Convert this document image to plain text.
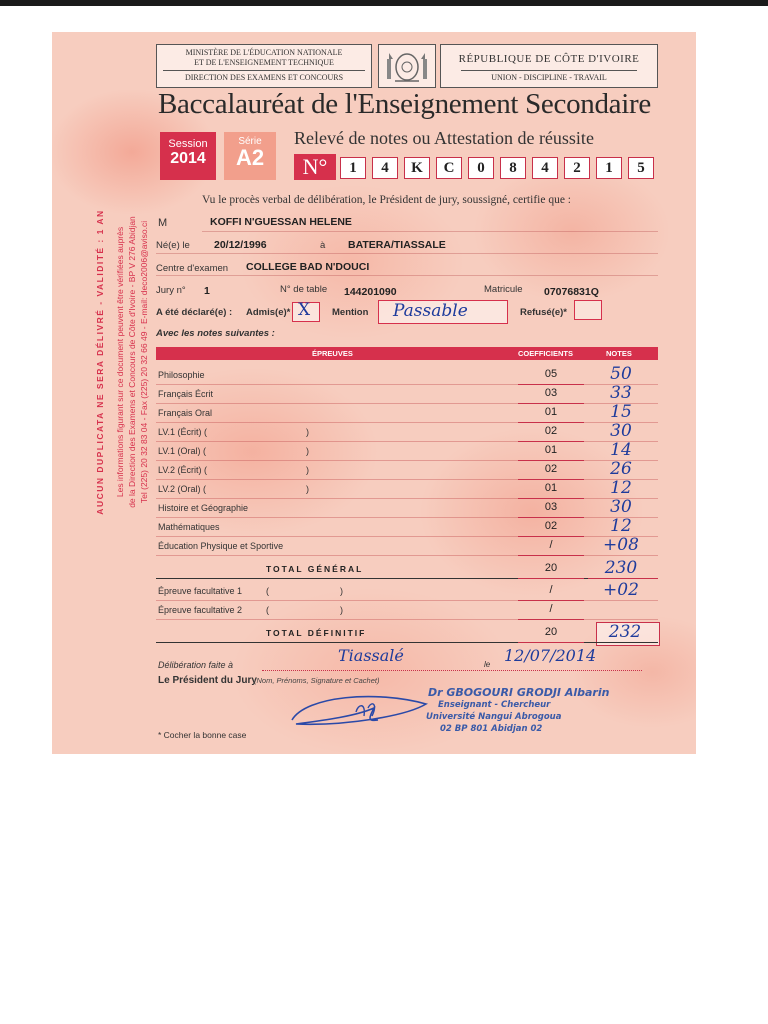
MINISTÈRE DE L'ÉDUCATION NATIONALE
ET DE L'ENSEIGNEMENT TECHNIQUE
DIRECTION DES EXAMENS ET CONCOURS
RÉPUBLIQUE DE CÔTE D'IVOIRE
UNION - DISCIPLINE - TRAVAIL
Baccalauréat de l'Enseignement Secondaire
Session
2014
Série
A2
Relevé de notes ou Attestation de réussite
N°	1	4	K	C	0	8	4	2	1	5
AUCUN DUPLICATA NE SERA DÉLIVRÉ - VALIDITÉ : 1 AN Les informations figurant sur ce document peuvent être vérifiées auprès de la Direction des Examens et Concours de Côte d'Ivoire - BP V 276 Abidjan Tel (225) 20 32 83 04 - Fax (225) 20 32 66 49 - E-mail: deco2006@aviso.ci
Vu le procès verbal de délibération, le Président de jury, soussigné, certifie que :
M	KOFFI N'GUESSAN HELENE
Né(e) le 20/12/1996	à BATERA/TIASSALE
Centre d'examen COLLEGE BAD N'DOUCI
Jury n° 1	N° de table 144201090	Matricule 07076831Q
A été déclaré(e) : Admis(e)* X Mention Passable	Refusé(e)*
Avec les notes suivantes :
ÉPREUVES	COEFFICIENTS	NOTES
Philosophie	05	50
Français Écrit	03	33
Français Oral	01	15
LV.1 (Écrit) (	)	02	30
LV.1 (Oral) (	)	01	14
LV.2 (Écrit) (	)	02	26
LV.2 (Oral) (	)	01	12
Histoire et Géographie	03	30
Mathématiques	02	12
Éducation Physique et Sportive	/	+08
TOTAL GÉNÉRAL	20	230
Épreuve facultative 1	(	)	/	+02
Épreuve facultative 2	(	)	/
TOTAL DÉFINITIF	20	232
Délibération faite à	Tiassalé	le 12/07/2014
Le Président du Jury
(Nom, Prénoms, Signature et Cachet)
Dr GBOGOURI GRODJI Albarin
Enseignant - Chercheur
Université Nangui Abrogoua
02 BP 801 Abidjan 02
* Cocher la bonne case
